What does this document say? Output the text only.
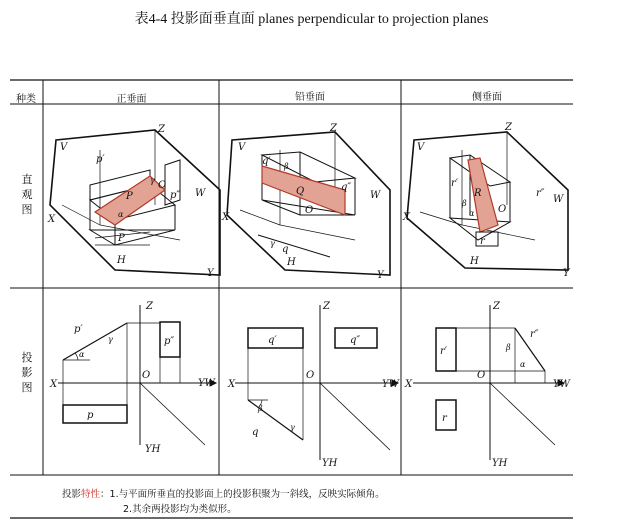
表4-4 投影面垂直面 planes perpendicular to projection planes
种类	正垂面	铅垂面	侧垂面
直
观
图
投
影
图
投影特性：1.与平面所垂直的投影面上的投影积聚为一斜线，反映实际倾角。
2.其余两投影均为类似形。
V
Z
p′
P
O
p″ W
X
P
H
Y
α
γ
V
Z
q′
Q
O
q″
W
X
q
H
Y
β
γ
V
Z
r′
R
O
r″
W
X
r
H
Y
β
α
Z
p′
γ
α
p″
X
O
YW
p
YH
Z
q′	q″
X
O
YW
β
γ
q
YH
Z
r′
r″
β
α
X
O
YW
r
YH
